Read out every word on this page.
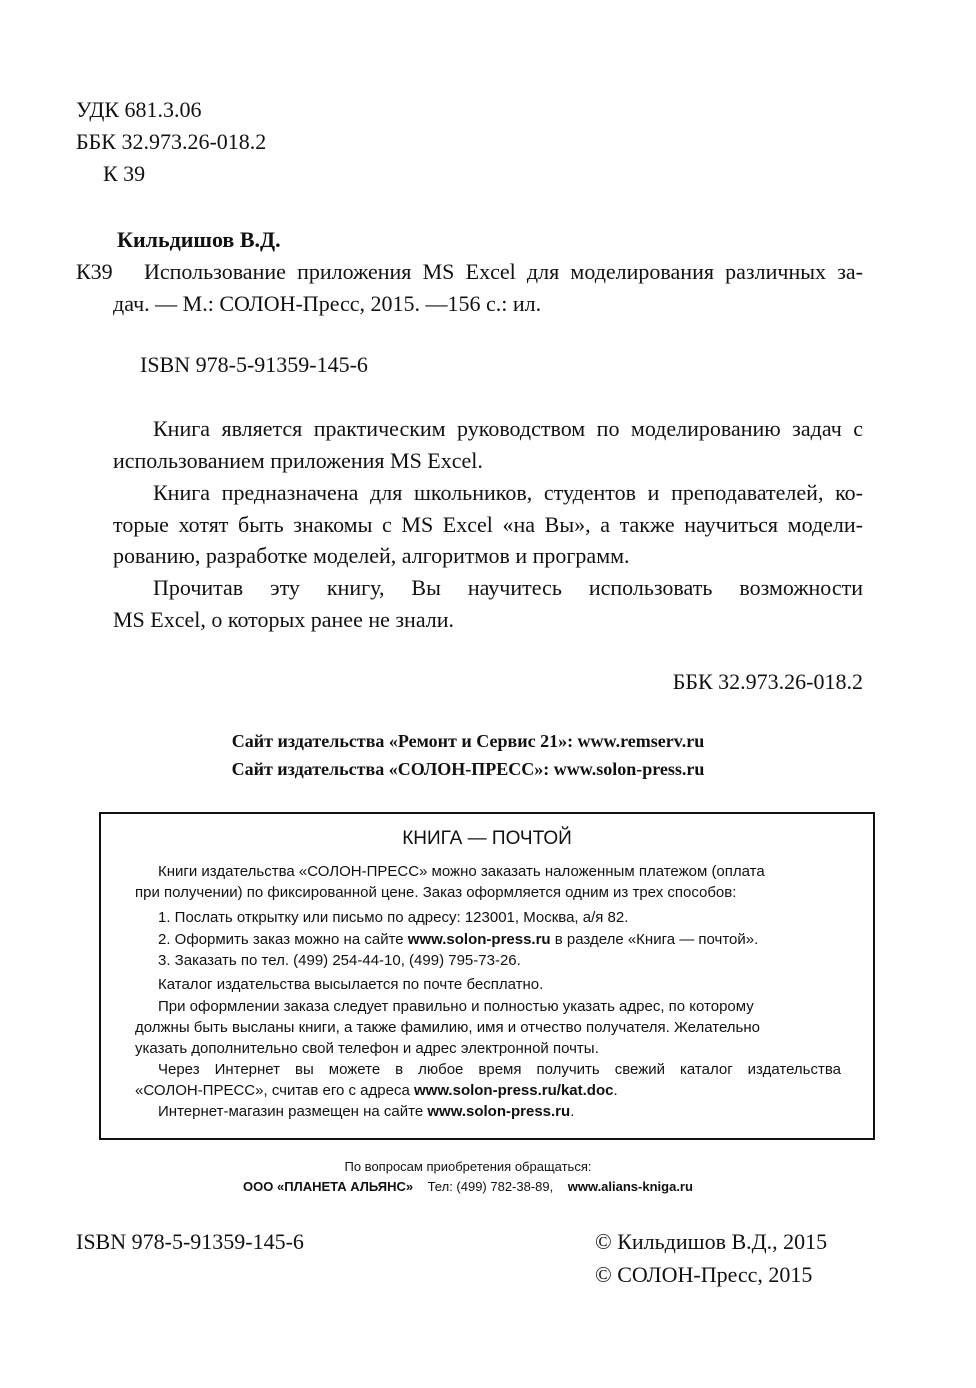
УДК 681.3.06
ББК 32.973.26-018.2
К 39
Кильдишов В.Д.
К39 Использование приложения MS Excel для моделирования различных за-
дач. — М.: СОЛОН-Пресс, 2015. —156 с.: ил.
ISBN 978-5-91359-145-6
Книга является практическим руководством по моделированию задач с
использованием приложения MS Excel.
Книга предназначена для школьников, студентов и преподавателей, ко-
торые хотят быть знакомы с MS Excel «на Вы», а также научиться модели-
рованию, разработке моделей, алгоритмов и программ.
Прочитав эту книгу, Вы научитесь использовать возможности
MS Excel, о которых ранее не знали.
ББК 32.973.26-018.2
Сайт издательства «Ремонт и Сервис 21»: www.remserv.ru
Сайт издательства «СОЛОН-ПРЕСС»: www.solon-press.ru
КНИГА — ПОЧТОЙ
Книги издательства «СОЛОН-ПРЕСС» можно заказать наложенным платежом (оплата
при получении) по фиксированной цене. Заказ оформляется одним из трех способов:
1. Послать открытку или письмо по адресу: 123001, Москва, а/я 82.
2. Оформить заказ можно на сайте www.solon-press.ru в разделе «Книга — почтой».
3. Заказать по тел. (499) 254-44-10, (499) 795-73-26.
Каталог издательства высылается по почте бесплатно.
При оформлении заказа следует правильно и полностью указать адрес, по которому
должны быть высланы книги, а также фамилию, имя и отчество получателя. Желательно
указать дополнительно свой телефон и адрес электронной почты.
Через Интернет вы можете в любое время получить свежий каталог издательства
«СОЛОН-ПРЕСС», считав его с адреса www.solon-press.ru/kat.doc.
Интернет-магазин размещен на сайте www.solon-press.ru.
По вопросам приобретения обращаться:
ООО «ПЛАНЕТА АЛЬЯНС» Тел: (499) 782-38-89, www.alians-kniga.ru
ISBN 978-5-91359-145-6	© Кильдишов В.Д., 2015
© СОЛОН-Пресс, 2015
